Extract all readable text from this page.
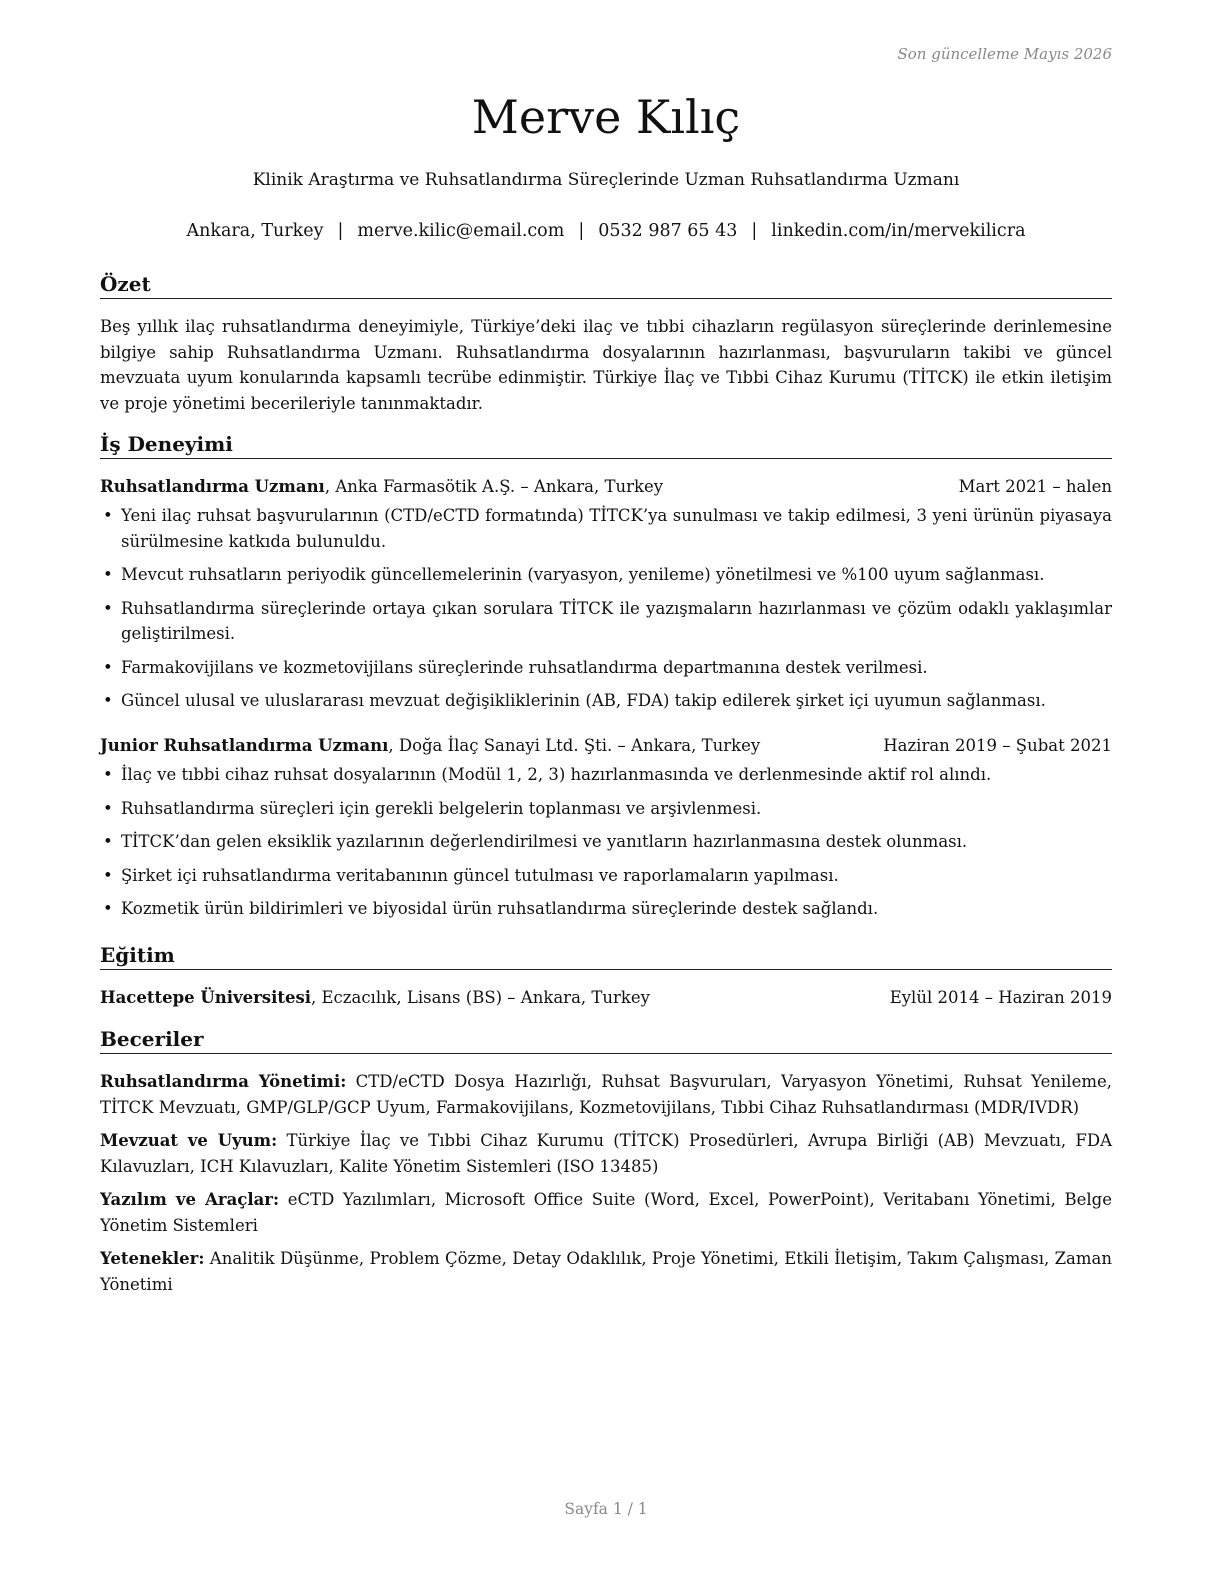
Son güncelleme Mayıs 2026
Merve Kılıç
Klinik Araştırma ve Ruhsatlandırma Süreçlerinde Uzman Ruhsatlandırma Uzmanı
Ankara, Turkey | merve.kilic@email.com | 0532 987 65 43 | linkedin.com/in/mervekilicra
Özet
Beş yıllık ilaç ruhsatlandırma deneyimiyle, Türkiye’deki ilaç ve tıbbi cihazların regülasyon süreçlerinde derinlemesine bilgiye sahip Ruhsatlandırma Uzmanı. Ruhsatlandırma dosyalarının hazırlanması, başvuruların takibi ve güncel mevzuata uyum konularında kapsamlı tecrübe edinmiştir. Türkiye İlaç ve Tıbbi Cihaz Kurumu (TİTCK) ile etkin iletişim ve proje yönetimi becerileriyle tanınmaktadır.
İş Deneyimi
Ruhsatlandırma Uzmanı, Anka Farmasötik A.Ş. – Ankara, Turkey	Mart 2021 – halen
• Yeni ilaç ruhsat başvurularının (CTD/eCTD formatında) TİTCK’ya sunulması ve takip edilmesi, 3 yeni ürünün piyasaya sürülmesine katkıda bulunuldu.
• Mevcut ruhsatların periyodik güncellemelerinin (varyasyon, yenileme) yönetilmesi ve %100 uyum sağlanması.
• Ruhsatlandırma süreçlerinde ortaya çıkan sorulara TİTCK ile yazışmaların hazırlanması ve çözüm odaklı yaklaşımlar geliştirilmesi.
• Farmakovijilans ve kozmetovijilans süreçlerinde ruhsatlandırma departmanına destek verilmesi.
• Güncel ulusal ve uluslararası mevzuat değişikliklerinin (AB, FDA) takip edilerek şirket içi uyumun sağlanması.
Junior Ruhsatlandırma Uzmanı, Doğa İlaç Sanayi Ltd. Şti. – Ankara, Turkey	Haziran 2019 – Şubat 2021
• İlaç ve tıbbi cihaz ruhsat dosyalarının (Modül 1, 2, 3) hazırlanmasında ve derlenmesinde aktif rol alındı.
• Ruhsatlandırma süreçleri için gerekli belgelerin toplanması ve arşivlenmesi.
• TİTCK’dan gelen eksiklik yazılarının değerlendirilmesi ve yanıtların hazırlanmasına destek olunması.
• Şirket içi ruhsatlandırma veritabanının güncel tutulması ve raporlamaların yapılması.
• Kozmetik ürün bildirimleri ve biyosidal ürün ruhsatlandırma süreçlerinde destek sağlandı.
Eğitim
Hacettepe Üniversitesi, Eczacılık, Lisans (BS) – Ankara, Turkey	Eylül 2014 – Haziran 2019
Beceriler
Ruhsatlandırma Yönetimi: CTD/eCTD Dosya Hazırlığı, Ruhsat Başvuruları, Varyasyon Yönetimi, Ruhsat Yenileme, TİTCK Mevzuatı, GMP/GLP/GCP Uyum, Farmakovijilans, Kozmetovijilans, Tıbbi Cihaz Ruhsatlandırması (MDR/IVDR)
Mevzuat ve Uyum: Türkiye İlaç ve Tıbbi Cihaz Kurumu (TİTCK) Prosedürleri, Avrupa Birliği (AB) Mevzuatı, FDA Kılavuzları, ICH Kılavuzları, Kalite Yönetim Sistemleri (ISO 13485)
Yazılım ve Araçlar: eCTD Yazılımları, Microsoft Office Suite (Word, Excel, PowerPoint), Veritabanı Yönetimi, Belge Yönetim Sistemleri
Yetenekler: Analitik Düşünme, Problem Çözme, Detay Odaklılık, Proje Yönetimi, Etkili İletişim, Takım Çalışması, Zaman Yönetimi
Sayfa 1 / 1
